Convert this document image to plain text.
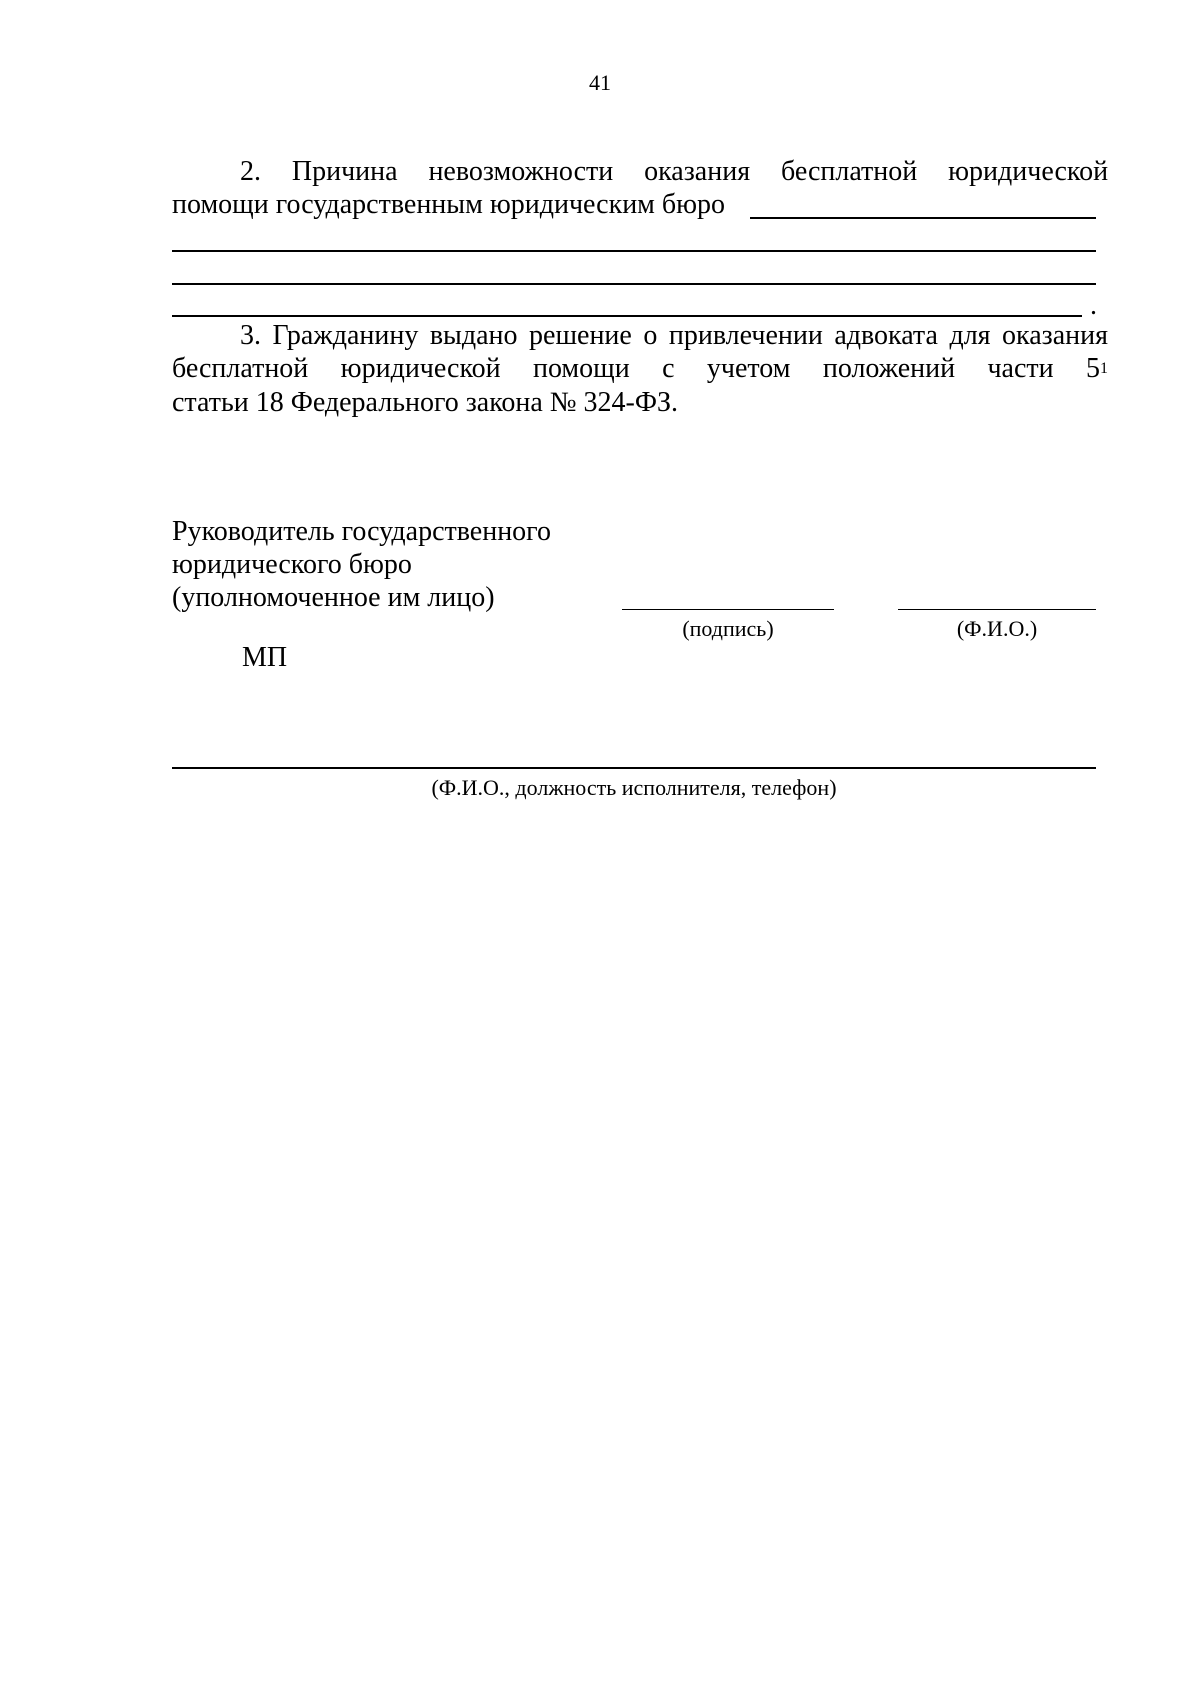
41
2. Причина невозможности оказания бесплатной юридической
помощи государственным юридическим бюро
.
3. Гражданину выдано решение о привлечении адвоката для оказания
бесплатной юридической помощи с учетом положений части $5^1$
статьи 18 Федерального закона № 324-ФЗ.
Руководитель государственного
юридического бюро
(уполномоченное им лицо)
(подпись)	(Ф.И.О.)
МП
(Ф.И.О., должность исполнителя, телефон)
